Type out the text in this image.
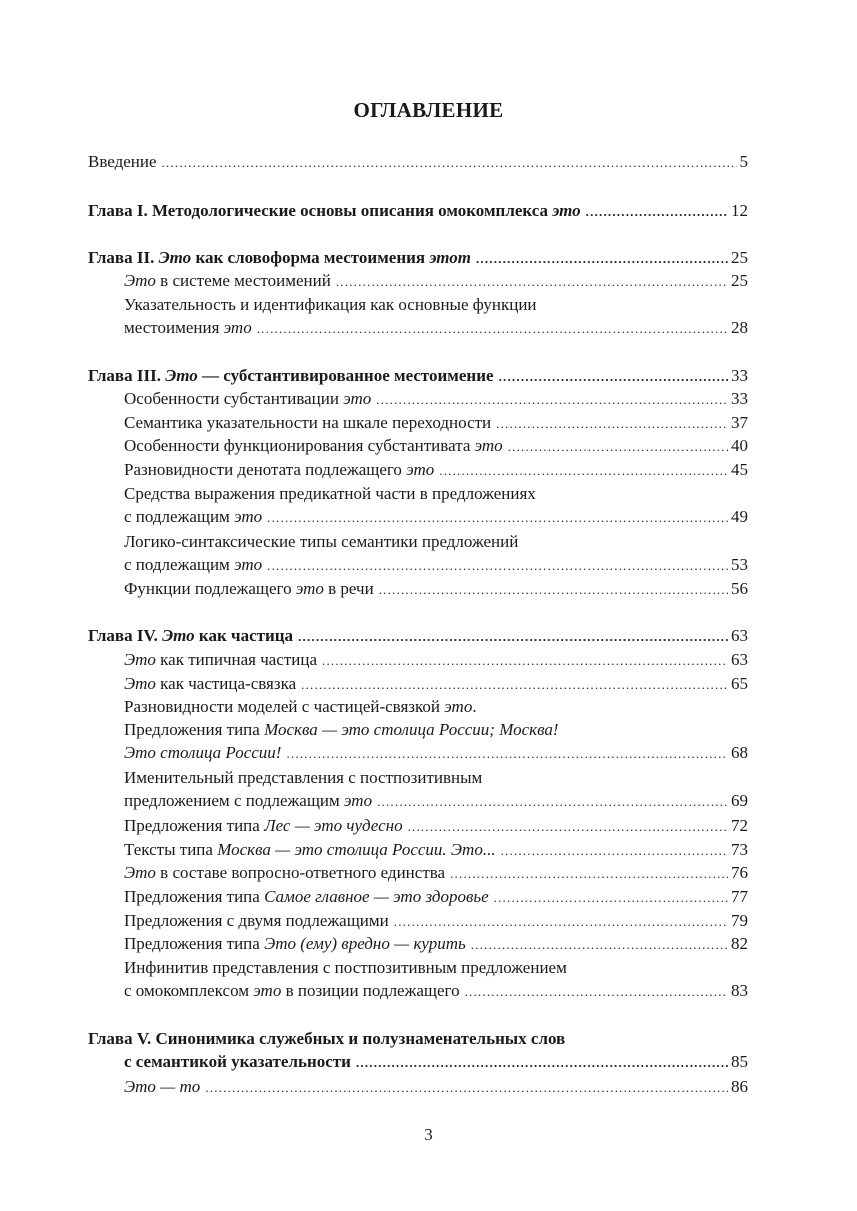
ОГЛАВЛЕНИЕ
Введение .....	5
Глава I. Методологические основы описания омокомплекса это .....	12
Глава II. Это как словоформа местоимения этот .....	25
Это в системе местоимений .....	25
Указательность и идентификация как основные функции
местоимения это .....	28
Глава III. Это — субстантивированное местоимение .....	33
Особенности субстантивации это .....	33
Семантика указательности на шкале переходности .....	37
Особенности функционирования субстантивата это .....	40
Разновидности денотата подлежащего это .....	45
Средства выражения предикатной части в предложениях
с подлежащим это .....	49
Логико-синтаксические типы семантики предложений
с подлежащим это .....	53
Функции подлежащего это в речи .....	56
Глава IV. Это как частица .....	63
Это как типичная частица .....	63
Это как частица-связка .....	65
Разновидности моделей с частицей-связкой это.
Предложения типа Москва — это столица России; Москва!
Это столица России! .....	68
Именительный представления с постпозитивным
предложением с подлежащим это .....	69
Предложения типа Лес — это чудесно .....	72
Тексты типа Москва — это столица России. Это... .....	73
Это в составе вопросно-ответного единства .....	76
Предложения типа Самое главное — это здоровье .....	77
Предложения с двумя подлежащими .....	79
Предложения типа Это (ему) вредно — курить .....	82
Инфинитив представления с постпозитивным предложением
с омокомплексом это в позиции подлежащего .....	83
Глава V. Синонимика служебных и полузнаменательных слов
с семантикой указательности .....	85
Это — то .....	86
3
